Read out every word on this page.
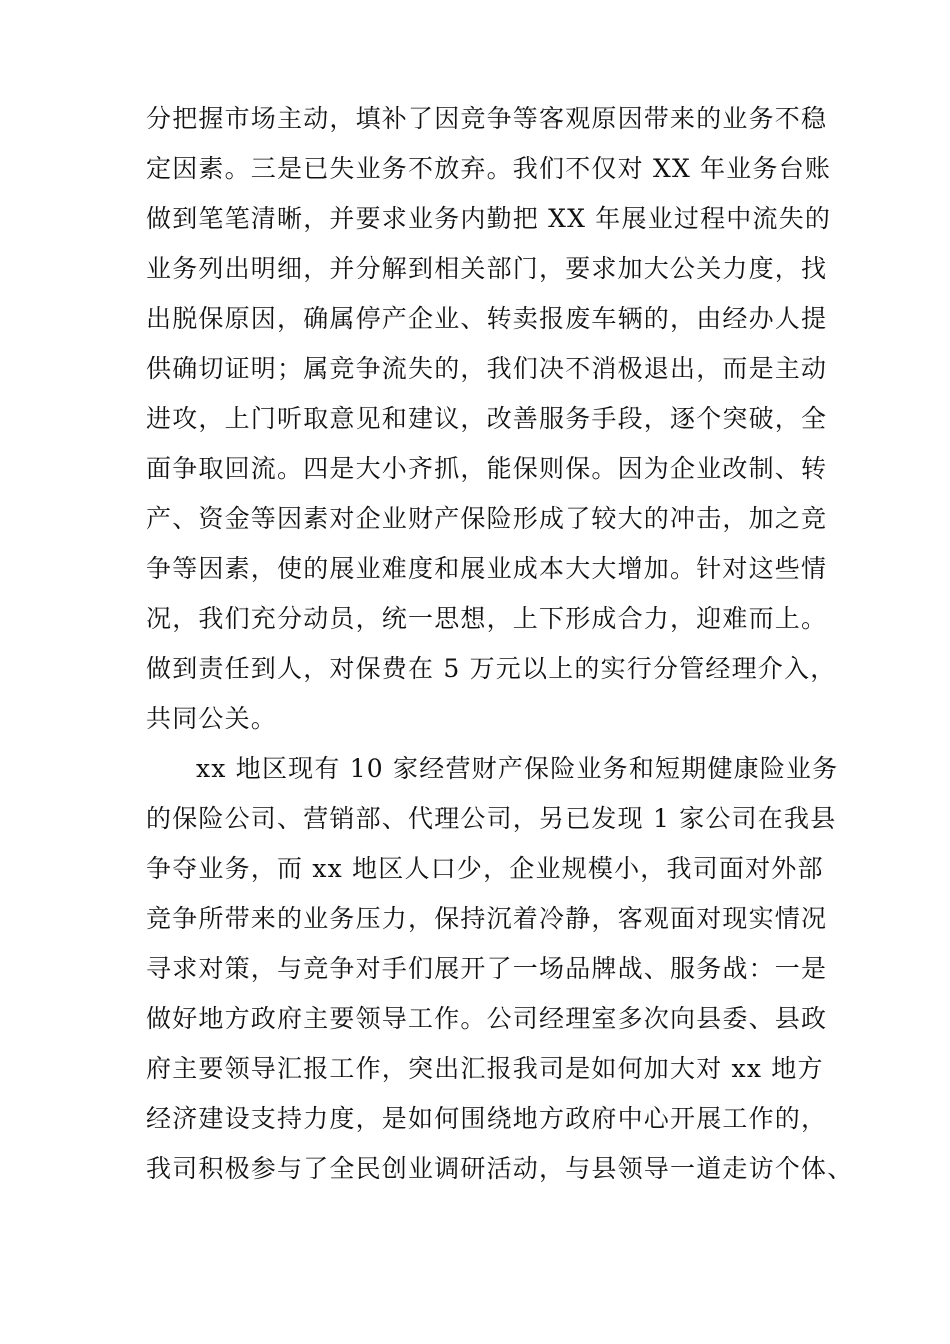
分把握市场主动，填补了因竞争等客观原因带来的业务不稳
定因素。三是已失业务不放弃。我们不仅对 XX 年业务台账
做到笔笔清晰，并要求业务内勤把 XX 年展业过程中流失的
业务列出明细，并分解到相关部门，要求加大公关力度，找
出脱保原因，确属停产企业、转卖报废车辆的，由经办人提
供确切证明；属竞争流失的，我们决不消极退出，而是主动
进攻，上门听取意见和建议，改善服务手段，逐个突破，全
面争取回流。四是大小齐抓，能保则保。因为企业改制、转
产、资金等因素对企业财产保险形成了较大的冲击，加之竞
争等因素，使的展业难度和展业成本大大增加。针对这些情
况，我们充分动员，统一思想，上下形成合力，迎难而上。
做到责任到人，对保费在 5 万元以上的实行分管经理介入，
共同公关。
xx 地区现有 10 家经营财产保险业务和短期健康险业务
的保险公司、营销部、代理公司，另已发现 1 家公司在我县
争夺业务，而 xx 地区人口少，企业规模小，我司面对外部
竞争所带来的业务压力，保持沉着冷静，客观面对现实情况
寻求对策，与竞争对手们展开了一场品牌战、服务战：一是
做好地方政府主要领导工作。公司经理室多次向县委、县政
府主要领导汇报工作，突出汇报我司是如何加大对 xx 地方
经济建设支持力度，是如何围绕地方政府中心开展工作的，
我司积极参与了全民创业调研活动，与县领导一道走访个体、
